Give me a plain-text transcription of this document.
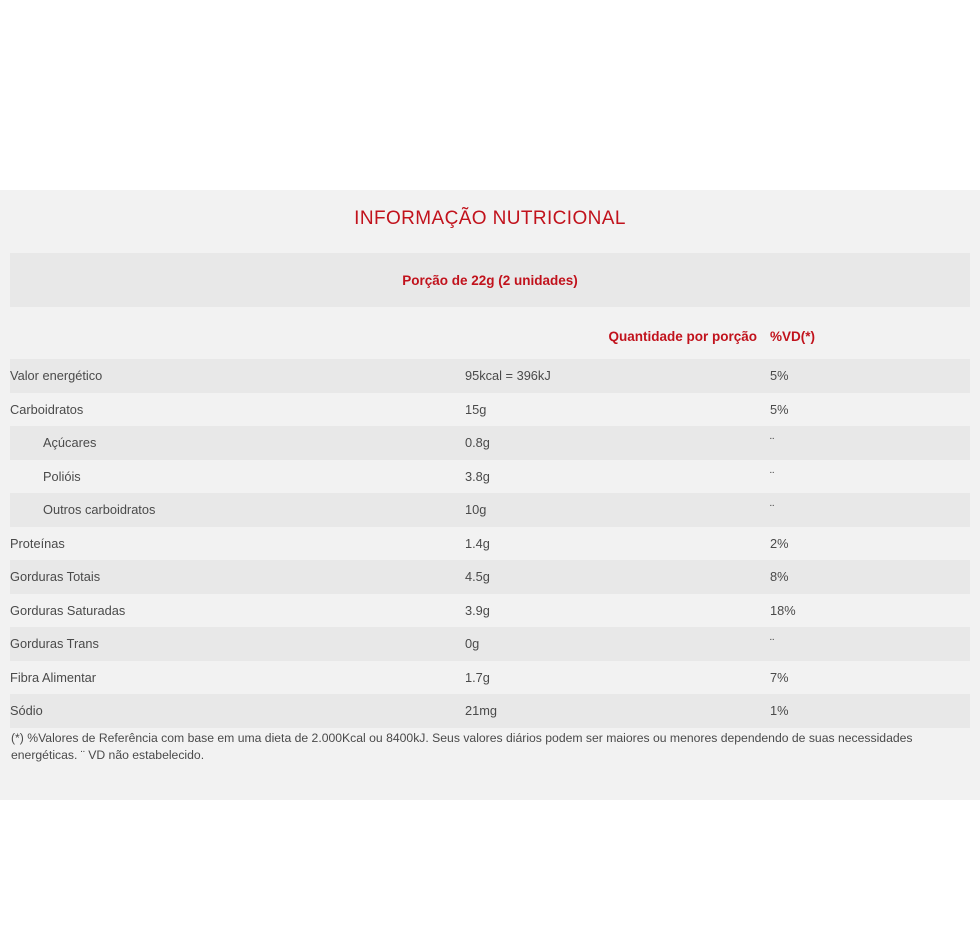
INFORMAÇÃO NUTRICIONAL
Porção de 22g (2 unidades)		

	Quantidade por porção	%VD(*)

Valor energético	95kcal = 396kJ	5%
Carboidratos	15g	5%
Açúcares	0.8g	¨
Polióis	3.8g	¨
Outros carboidratos	10g	¨
Proteínas	1.4g	2%
Gorduras Totais	4.5g	8%
Gorduras Saturadas	3.9g	18%
Gorduras Trans	0g	¨
Fibra Alimentar	1.7g	7%
Sódio	21mg	1%
(*) %Valores de Referência com base em uma dieta de 2.000Kcal ou 8400kJ. Seus valores diários podem ser maiores ou menores dependendo de suas necessidades energéticas. ¨ VD não estabelecido.
